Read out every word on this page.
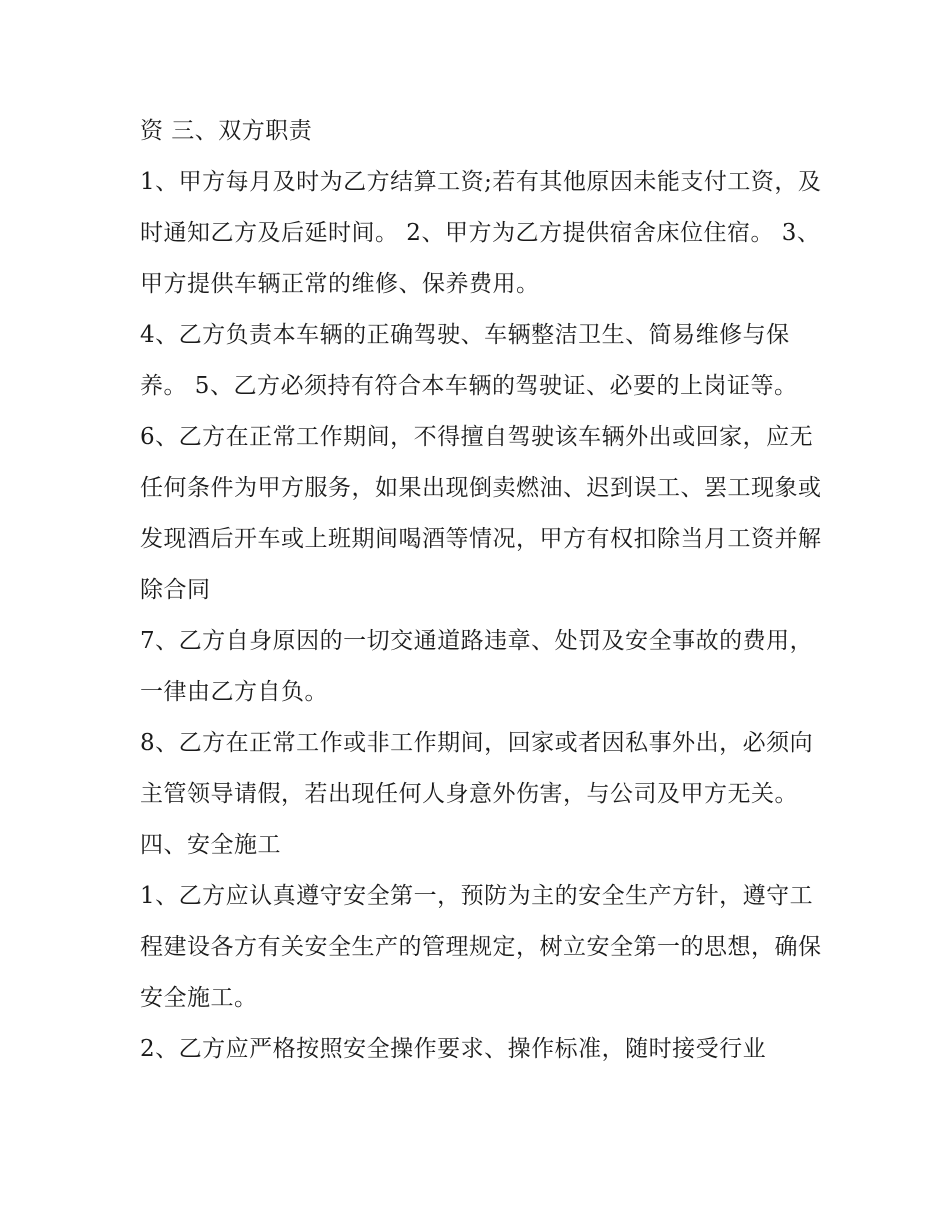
资 三、双方职责

1、甲方每月及时为乙方结算工资;若有其他原因未能支付工资，及时通知乙方及后延时间。 2、甲方为乙方提供宿舍床位住宿。 3、甲方提供车辆正常的维修、保养费用。

4、乙方负责本车辆的正确驾驶、车辆整洁卫生、简易维修与保养。 5、乙方必须持有符合本车辆的驾驶证、必要的上岗证等。

6、乙方在正常工作期间，不得擅自驾驶该车辆外出或回家，应无任何条件为甲方服务，如果出现倒卖燃油、迟到误工、罢工现象或发现酒后开车或上班期间喝酒等情况，甲方有权扣除当月工资并解除合同

7、乙方自身原因的一切交通道路违章、处罚及安全事故的费用，一律由乙方自负。

8、乙方在正常工作或非工作期间，回家或者因私事外出，必须向主管领导请假，若出现任何人身意外伤害，与公司及甲方无关。 四、安全施工

1、乙方应认真遵守安全第一，预防为主的安全生产方针，遵守工程建设各方有关安全生产的管理规定，树立安全第一的思想，确保安全施工。

2、乙方应严格按照安全操作要求、操作标准，随时接受行业
